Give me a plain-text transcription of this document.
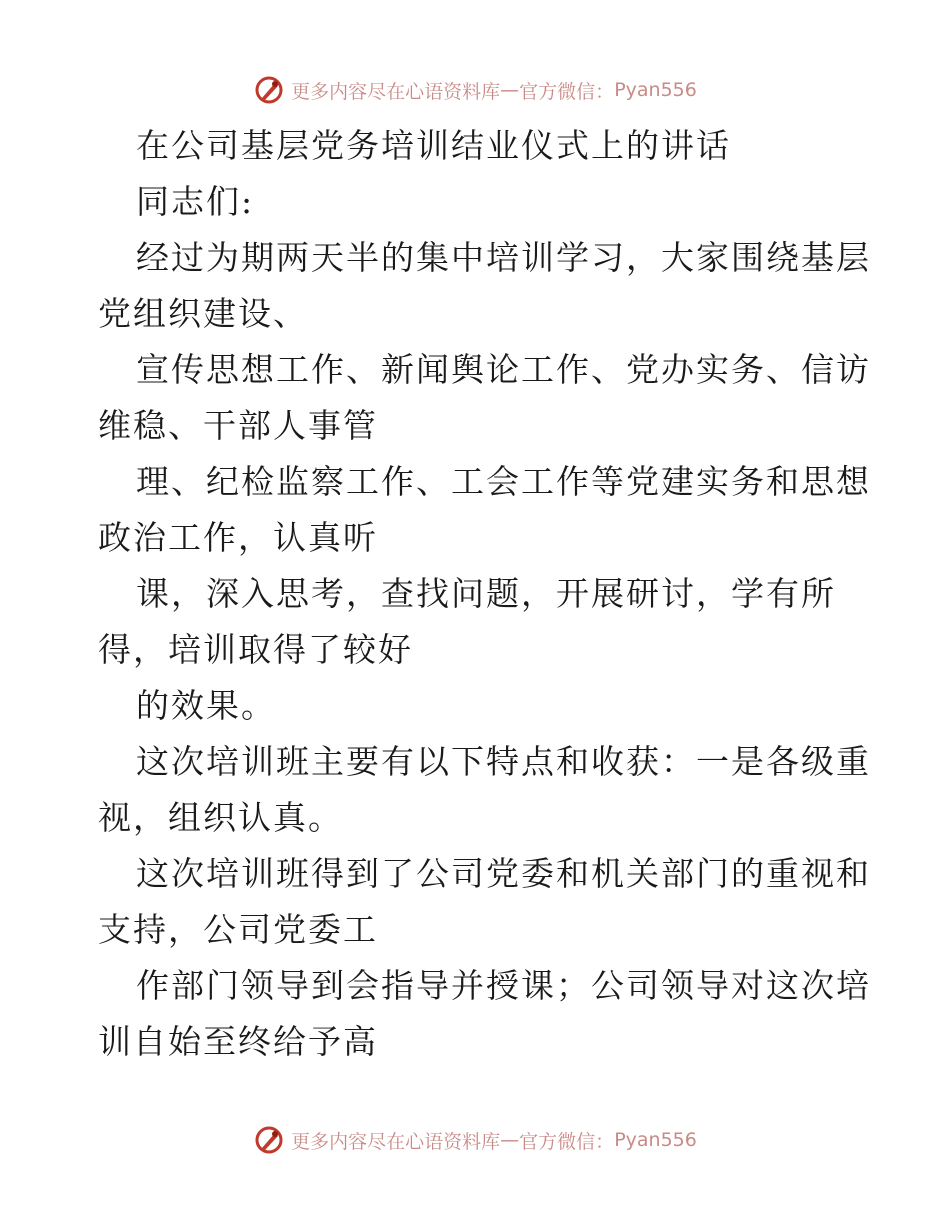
更多内容尽在心语资料库 — 官方微信： Pyan556
在公司基层党务培训结业仪式上的讲话
同志们:
经过为期两天半的集中培训学习，大家围绕基层
党组织建设、
宣传思想工作、新闻舆论工作、党办实务、信访
维稳、干部人事管
理、纪检监察工作、工会工作等党建实务和思想
政治工作，认真听
课，深入思考，查找问题，开展研讨，学有所
得，培训取得了较好
的效果。
这次培训班主要有以下特点和收获：一是各级重
视，组织认真。
这次培训班得到了公司党委和机关部门的重视和
支持，公司党委工
作部门领导到会指导并授课；公司领导对这次培
训自始至终给予高
更多内容尽在心语资料库 — 官方微信： Pyan556
